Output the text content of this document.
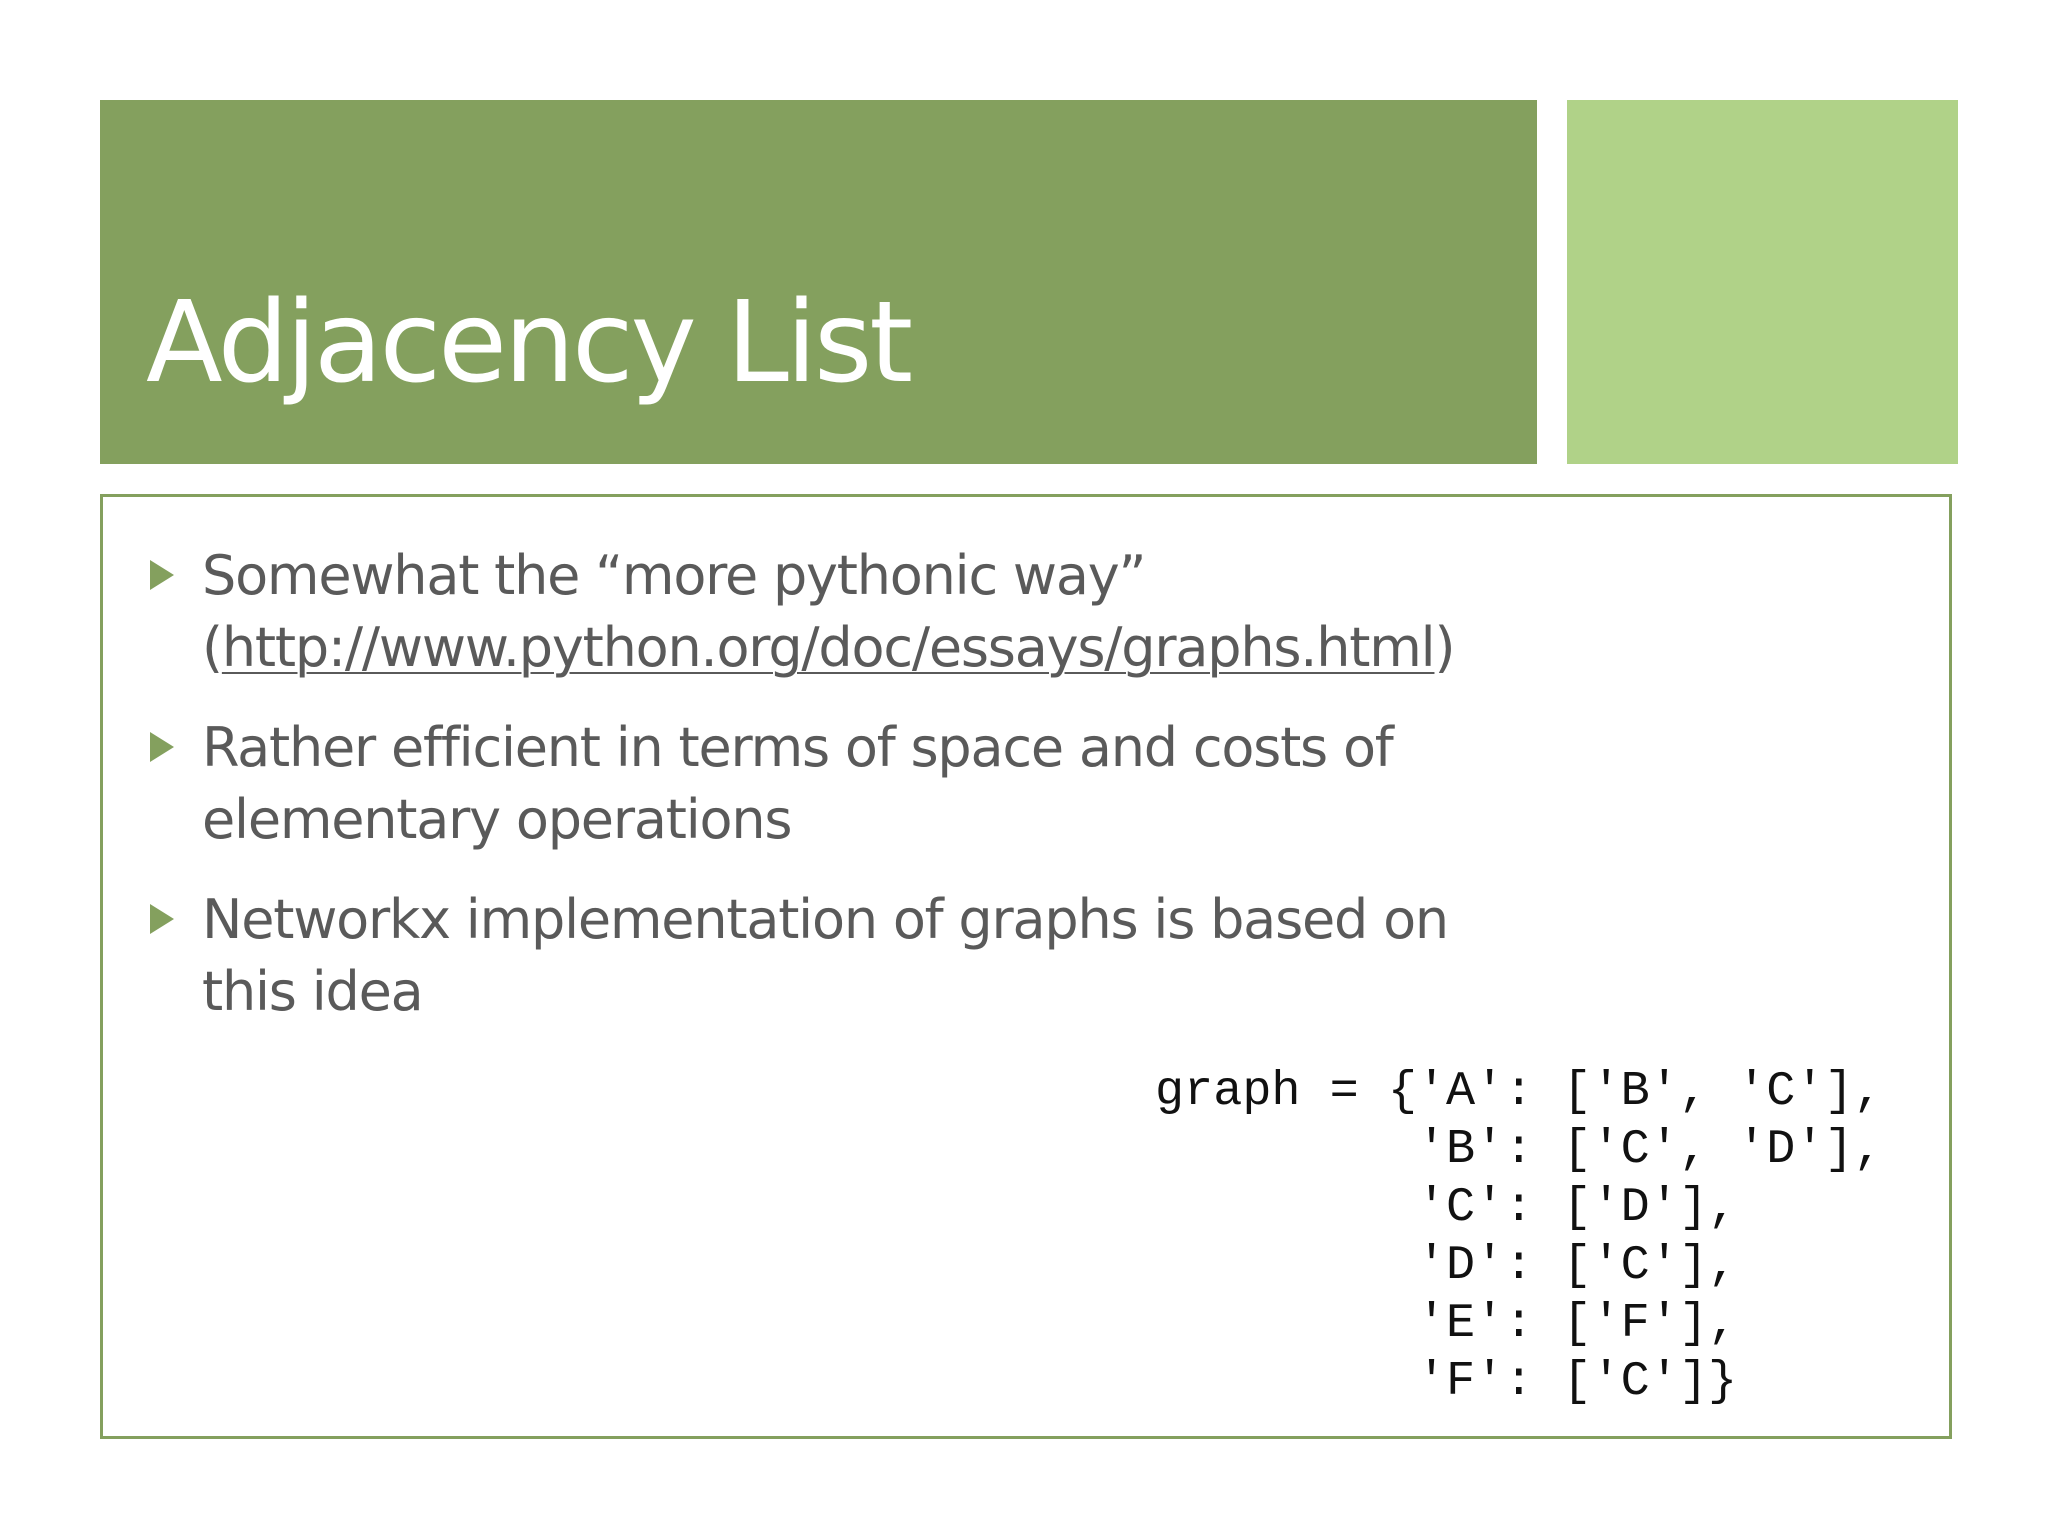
Adjacency List
Somewhat the “more pythonic way” (http://www.python.org/doc/essays/graphs.html)
Rather efficient in terms of space and costs of elementary operations
Networkx implementation of graphs is based on this idea
graph = {'A': ['B', 'C'],
'B': ['C', 'D'],
'C': ['D'],
'D': ['C'],
'E': ['F'],
'F': ['C']}
